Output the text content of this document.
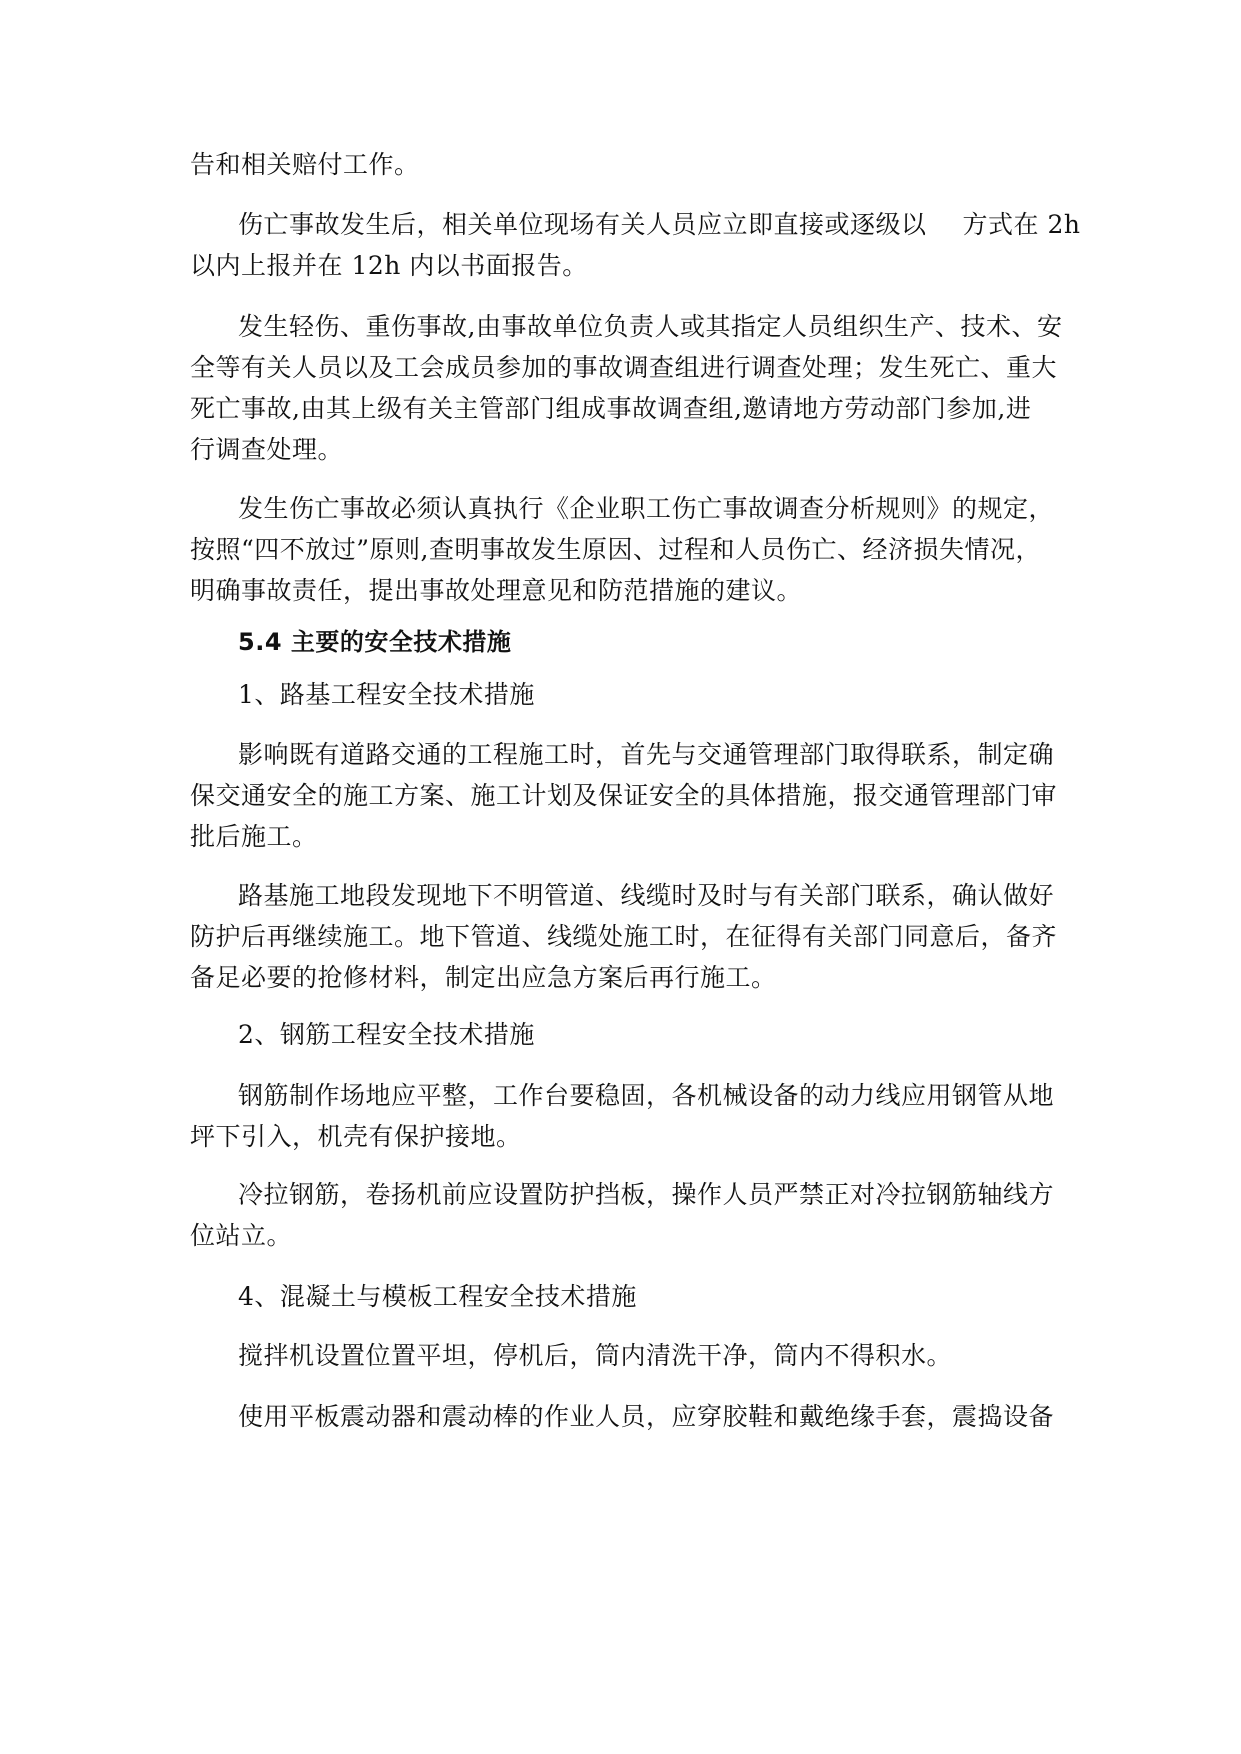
告和相关赔付工作。
伤亡事故发生后，相关单位现场有关人员应立即直接或逐级以 方式在 2h
以内上报并在 12h 内以书面报告。
发生轻伤、重伤事故,由事故单位负责人或其指定人员组织生产、技术、安
全等有关人员以及工会成员参加的事故调查组进行调查处理；发生死亡、重大
死亡事故,由其上级有关主管部门组成事故调查组,邀请地方劳动部门参加,进
行调查处理。
发生伤亡事故必须认真执行《企业职工伤亡事故调查分析规则》的规定，
按照“四不放过”原则,查明事故发生原因、过程和人员伤亡、经济损失情况，
明确事故责任，提出事故处理意见和防范措施的建议。
5.4 主要的安全技术措施
1、路基工程安全技术措施
影响既有道路交通的工程施工时，首先与交通管理部门取得联系，制定确
保交通安全的施工方案、施工计划及保证安全的具体措施，报交通管理部门审
批后施工。
路基施工地段发现地下不明管道、线缆时及时与有关部门联系，确认做好
防护后再继续施工。地下管道、线缆处施工时，在征得有关部门同意后，备齐
备足必要的抢修材料，制定出应急方案后再行施工。
2、钢筋工程安全技术措施
钢筋制作场地应平整，工作台要稳固，各机械设备的动力线应用钢管从地
坪下引入，机壳有保护接地。
冷拉钢筋，卷扬机前应设置防护挡板，操作人员严禁正对冷拉钢筋轴线方
位站立。
4、混凝土与模板工程安全技术措施
搅拌机设置位置平坦，停机后，筒内清洗干净，筒内不得积水。
使用平板震动器和震动棒的作业人员，应穿胶鞋和戴绝缘手套，震捣设备
